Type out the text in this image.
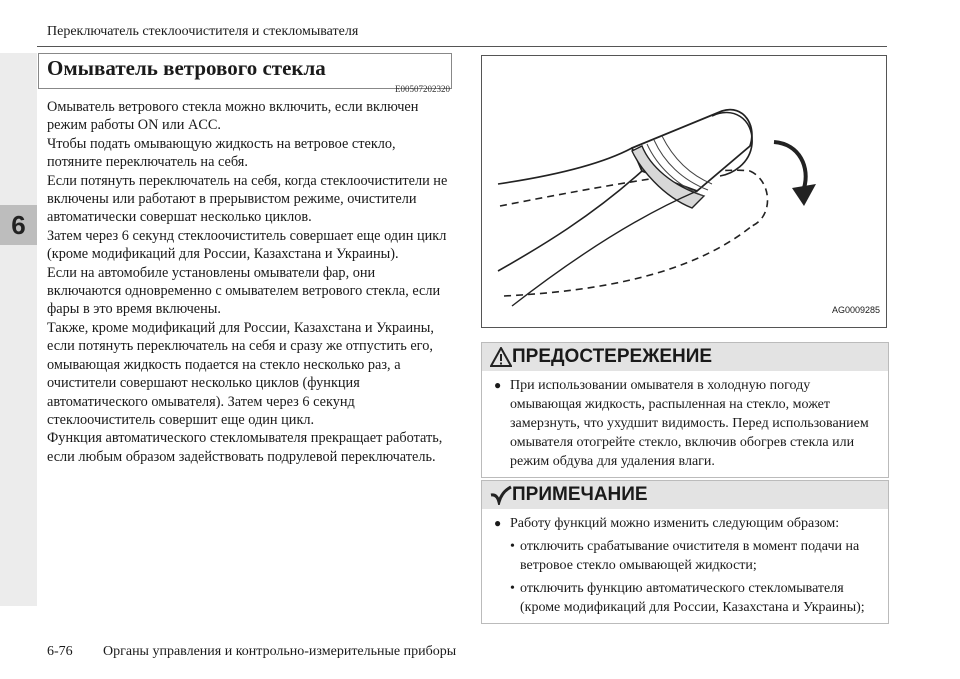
6
Переключатель стеклоочистителя и стекломывателя
Омыватель ветрового стекла
E00507202320

Омыватель ветрового стекла можно включить, если включен режим работы ON или ACC.

Чтобы подать омывающую жидкость на ветровое стекло, потяните переключатель на себя.

Если потянуть переключатель на себя, когда стеклоочистители не включены или работают в прерывистом режиме, очистители автоматически совершат несколько циклов.

Затем через 6 секунд стеклоочиститель совершает еще один цикл (кроме модификаций для России, Казахстана и Украины).

Если на автомобиле установлены омыватели фар, они включаются одновременно с омывателем ветрового стекла, если фары в это время включены.

Также, кроме модификаций для России, Казахстана и Украины, если потянуть переключатель на себя и сразу же отпустить его, омывающая жидкость подается на стекло несколько раз, а очистители совершают несколько циклов (функция автоматического омывателя). Затем через 6 секунд стеклоочиститель совершит еще один цикл.

Функция автоматического стекломывателя прекращает работать, если любым образом задействовать подрулевой переключатель.

AG0009285
ПРЕДОСТЕРЕЖЕНИЕ
● При использовании омывателя в холодную погоду омывающая жидкость, распыленная на стекло, может замерзнуть, что ухудшит видимость. Перед использованием омывателя отогрейте стекло, включив обогрев стекла или режим обдува для удаления влаги.
ПРИМЕЧАНИЕ
● Работу функций можно изменить следующим образом:
• отключить срабатывание очистителя в момент подачи на ветровое стекло омывающей жидкости;
• отключить функцию автоматического стекломывателя (кроме модификаций для России, Казахстана и Украины);
6-76 Органы управления и контрольно-измерительные приборы
